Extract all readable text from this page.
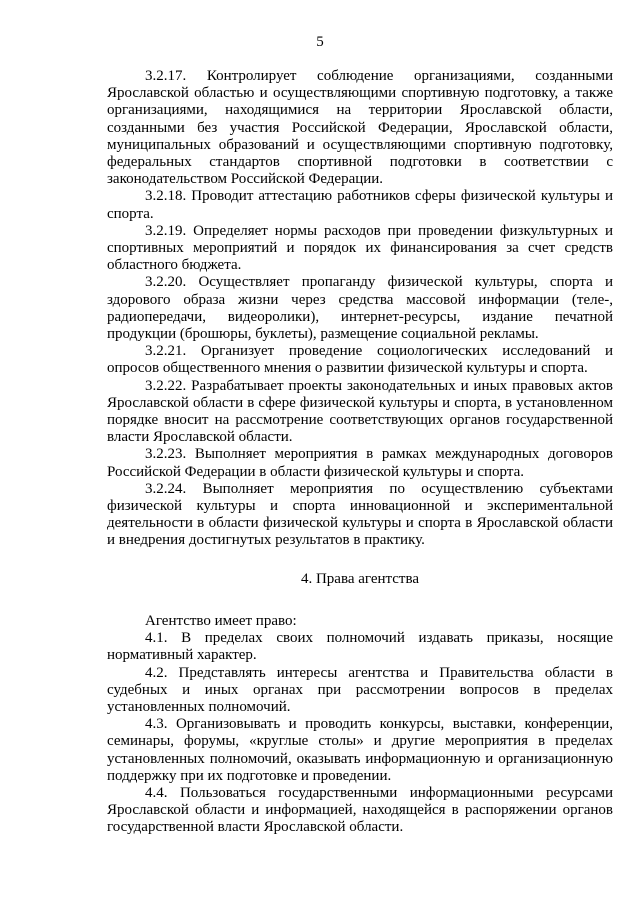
5

3.2.17. Контролирует соблюдение организациями, созданными Ярославской областью и осуществляющими спортивную подготовку, а также организациями, находящимися на территории Ярославской области, созданными без участия Российской Федерации, Ярославской области, муниципальных образований и осуществляющими спортивную подготовку, федеральных стандартов спортивной подготовки в соответствии с законодательством Российской Федерации.

3.2.18. Проводит аттестацию работников сферы физической культуры и спорта.

3.2.19. Определяет нормы расходов при проведении физкультурных и спортивных мероприятий и порядок их финансирования за счет средств областного бюджета.

3.2.20. Осуществляет пропаганду физической культуры, спорта и здорового образа жизни через средства массовой информации (теле-, радиопередачи, видеоролики), интернет-ресурсы, издание печатной продукции (брошюры, буклеты), размещение социальной рекламы.

3.2.21. Организует проведение социологических исследований и опросов общественного мнения о развитии физической культуры и спорта.

3.2.22. Разрабатывает проекты законодательных и иных правовых актов Ярославской области в сфере физической культуры и спорта, в установленном порядке вносит на рассмотрение соответствующих органов государственной власти Ярославской области.

3.2.23. Выполняет мероприятия в рамках международных договоров Российской Федерации в области физической культуры и спорта.

3.2.24. Выполняет мероприятия по осуществлению субъектами физической культуры и спорта инновационной и экспериментальной деятельности в области физической культуры и спорта в Ярославской области и внедрения достигнутых результатов в практику.

4. Права агентства

Агентство имеет право:

4.1. В пределах своих полномочий издавать приказы, носящие нормативный характер.

4.2. Представлять интересы агентства и Правительства области в судебных и иных органах при рассмотрении вопросов в пределах установленных полномочий.

4.3. Организовывать и проводить конкурсы, выставки, конференции, семинары, форумы, «круглые столы» и другие мероприятия в пределах установленных полномочий, оказывать информационную и организационную поддержку при их подготовке и проведении.

4.4. Пользоваться государственными информационными ресурсами Ярославской области и информацией, находящейся в распоряжении органов государственной власти Ярославской области.
